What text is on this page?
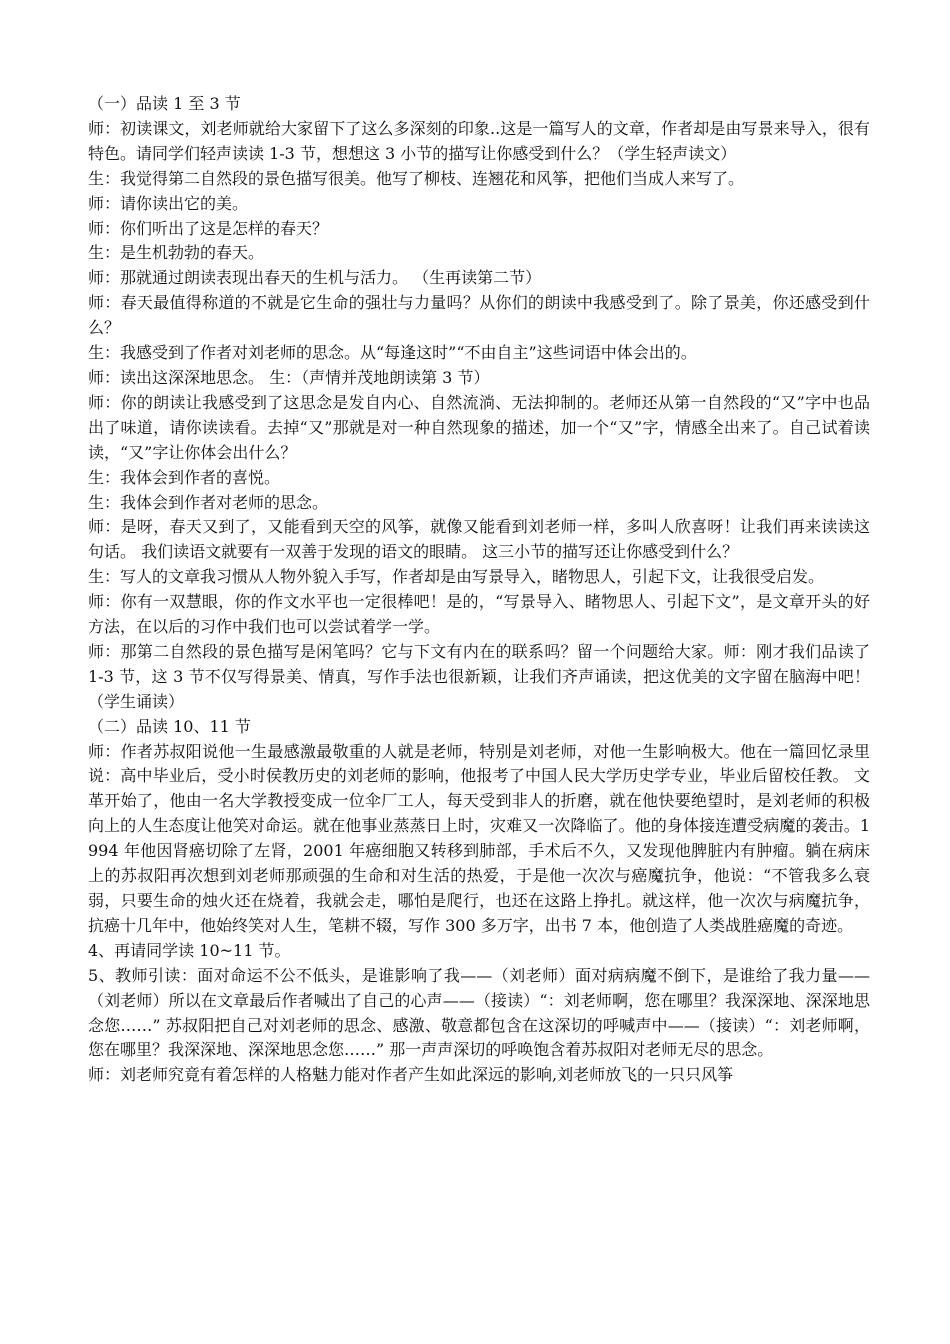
（一）品读 1 至 3 节

师：初读课文，刘老师就给大家留下了这么多深刻的印象..这是一篇写人的文章，作者却是由写景来导入，很有特色。请同学们轻声读读 1-3 节，想想这 3 小节的描写让你感受到什么？（学生轻声读文）

生：我觉得第二自然段的景色描写很美。他写了柳枝、连翘花和风筝，把他们当成人来写了。

师：请你读出它的美。

师：你们听出了这是怎样的春天？

生：是生机勃勃的春天。

师：那就通过朗读表现出春天的生机与活力。 （生再读第二节）

师：春天最值得称道的不就是它生命的强壮与力量吗？从你们的朗读中我感受到了。除了景美，你还感受到什么？

生：我感受到了作者对刘老师的思念。从“每逢这时”“不由自主”这些词语中体会出的。

师：读出这深深地思念。 生：（声情并茂地朗读第 3 节）

师：你的朗读让我感受到了这思念是发自内心、自然流淌、无法抑制的。老师还从第一自然段的“又”字中也品出了味道，请你读读看。去掉“又”那就是对一种自然现象的描述，加一个“又”字，情感全出来了。自己试着读读，“又”字让你体会出什么？

生：我体会到作者的喜悦。

生：我体会到作者对老师的思念。

师：是呀，春天又到了，又能看到天空的风筝，就像又能看到刘老师一样，多叫人欣喜呀！让我们再来读读这句话。 我们读语文就要有一双善于发现的语文的眼睛。 这三小节的描写还让你感受到什么？

生：写人的文章我习惯从人物外貌入手写，作者却是由写景导入，睹物思人，引起下文，让我很受启发。

师：你有一双慧眼，你的作文水平也一定很棒吧！是的，“写景导入、睹物思人、引起下文”，是文章开头的好方法，在以后的习作中我们也可以尝试着学一学。

师：那第二自然段的景色描写是闲笔吗？它与下文有内在的联系吗？留一个问题给大家。师：刚才我们品读了 1-3 节，这 3 节不仅写得景美、情真，写作手法也很新颖，让我们齐声诵读，把这优美的文字留在脑海中吧！ （学生诵读）

（二）品读 10、11 节

师：作者苏叔阳说他一生最感激最敬重的人就是老师，特别是刘老师，对他一生影响极大。他在一篇回忆录里说：高中毕业后，受小时侯教历史的刘老师的影响，他报考了中国人民大学历史学专业，毕业后留校任教。 文革开始了，他由一名大学教授变成一位伞厂工人，每天受到非人的折磨，就在他快要绝望时，是刘老师的积极向上的人生态度让他笑对命运。就在他事业蒸蒸日上时，灾难又一次降临了。他的身体接连遭受病魔的袭击。1994 年他因肾癌切除了左肾，2001 年癌细胞又转移到肺部，手术后不久，又发现他脾脏内有肿瘤。躺在病床上的苏叔阳再次想到刘老师那顽强的生命和对生活的热爱，于是他一次次与癌魔抗争，他说：“不管我多么衰弱，只要生命的烛火还在烧着，我就会走，哪怕是爬行，也还在这路上挣扎。就这样，他一次次与病魔抗争，抗癌十几年中，他始终笑对人生，笔耕不辍，写作 300 多万字，出书 7 本，他创造了人类战胜癌魔的奇迹。

4、再请同学读 10~11 节。

5、教师引读：面对命运不公不低头，是谁影响了我——（刘老师）面对病病魔不倒下，是谁给了我力量——（刘老师）所以在文章最后作者喊出了自己的心声——（接读）“：刘老师啊，您在哪里？我深深地、深深地思念您……” 苏叔阳把自己对刘老师的思念、感激、敬意都包含在这深切的呼喊声中——（接读）“：刘老师啊，您在哪里？我深深地、深深地思念您……” 那一声声深切的呼唤饱含着苏叔阳对老师无尽的思念。

师：刘老师究竟有着怎样的人格魅力能对作者产生如此深远的影响,刘老师放飞的一只只风筝
